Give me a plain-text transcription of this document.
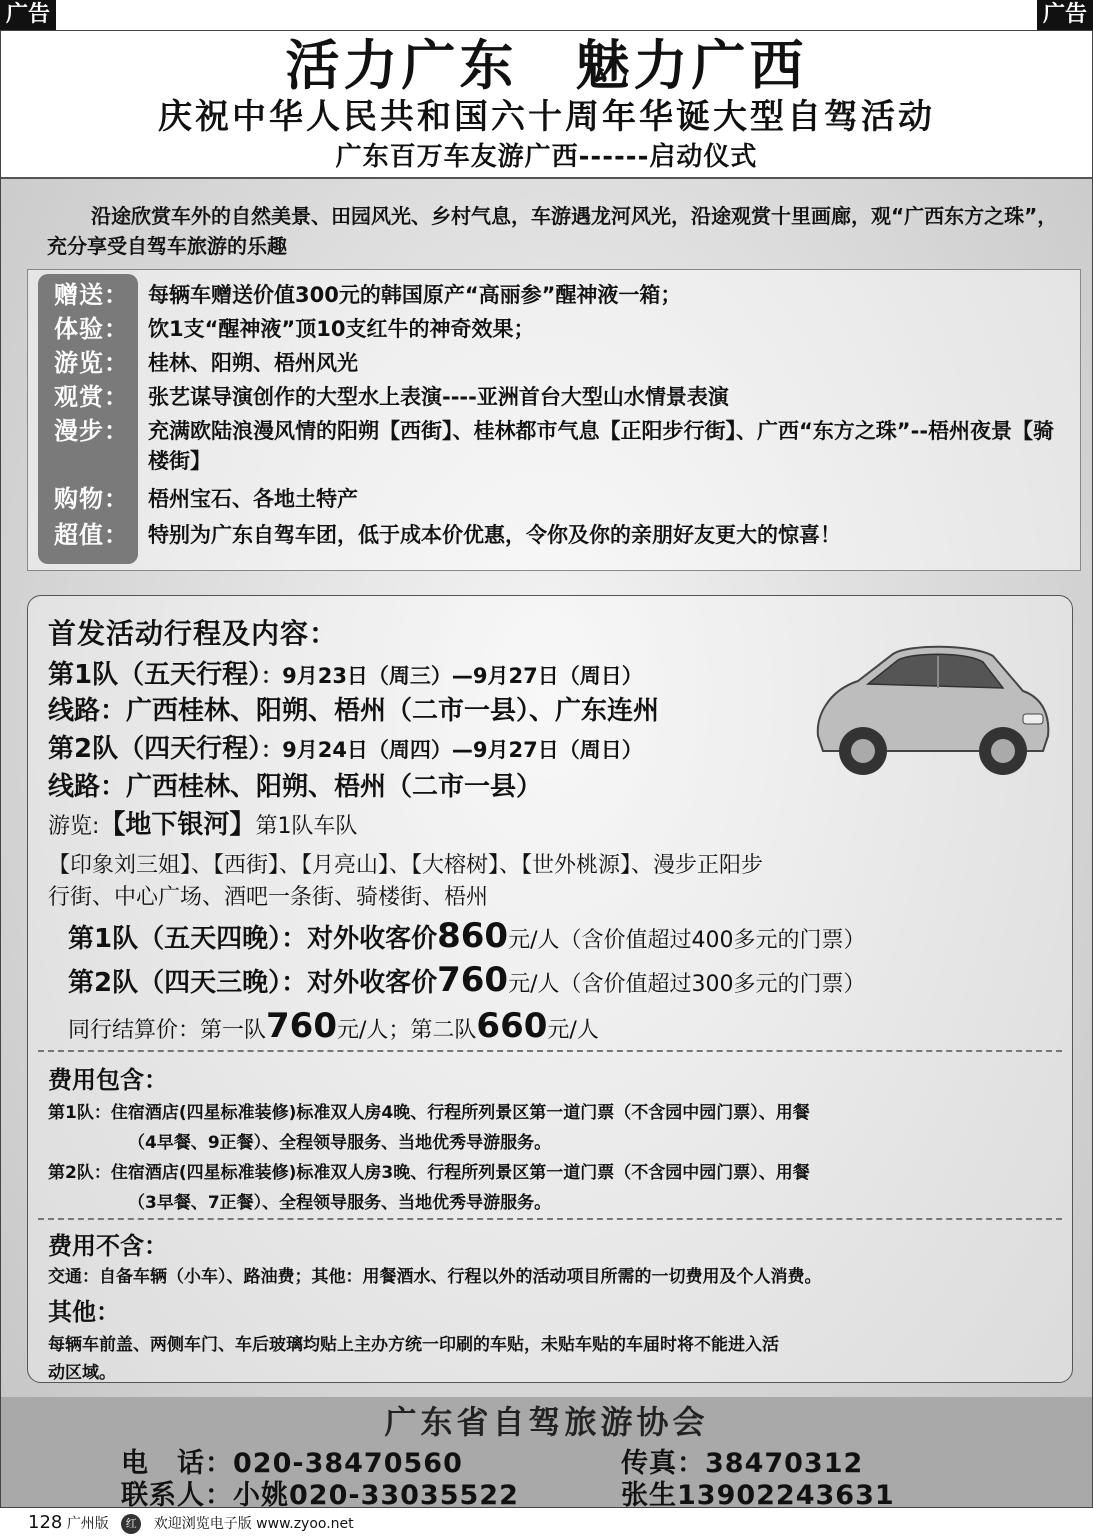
广告	广告
活力广东　魅力广西
庆祝中华人民共和国六十周年华诞大型自驾活动
广东百万车友游广西------启动仪式
沿途欣赏车外的自然美景、田园风光、乡村气息，车游遇龙河风光，沿途观赏十里画廊，观“广西东方之珠”，充分享受自驾车旅游的乐趣
赠送： 每辆车赠送价值300元的韩国原产“高丽参”醒神液一箱；
体验： 饮1支“醒神液”顶10支红牛的神奇效果；
游览： 桂林、阳朔、梧州风光
观赏： 张艺谋导演创作的大型水上表演----亚洲首台大型山水情景表演
漫步： 充满欧陆浪漫风情的阳朔【西街】、桂林都市气息【正阳步行街】、广西“东方之珠”--梧州夜景【骑楼街】
购物： 梧州宝石、各地土特产
超值： 特别为广东自驾车团，低于成本价优惠，令你及你的亲朋好友更大的惊喜！
首发活动行程及内容：
第1队（五天行程）：9月23日（周三）—9月27日（周日）
线路：广西桂林、阳朔、梧州（二市一县）、广东连州
第2队（四天行程）：9月24日（周四）—9月27日（周日）
线路：广西桂林、阳朔、梧州（二市一县）
游览:【地下银河】第1队车队
【印象刘三姐】、【西街】、【月亮山】、【大榕树】、【世外桃源】、漫步正阳步
行街、中心广场、酒吧一条街、骑楼街、梧州
第1队（五天四晚）：对外收客价860元/人（含价值超过400多元的门票）
第2队（四天三晚）：对外收客价760元/人（含价值超过300多元的门票）
同行结算价：第一队760元/人；第二队660元/人
费用包含：
第1队：住宿酒店(四星标准装修)标准双人房4晚、行程所列景区第一道门票（不含园中园门票）、用餐
（4早餐、9正餐）、全程领导服务、当地优秀导游服务。
第2队：住宿酒店(四星标准装修)标准双人房3晚、行程所列景区第一道门票（不含园中园门票）、用餐
（3早餐、7正餐）、全程领导服务、当地优秀导游服务。
费用不含：
交通：自备车辆（小车）、路油费；其他：用餐酒水、行程以外的活动项目所需的一切费用及个人消费。
其他：
每辆车前盖、两侧车门、车后玻璃均贴上主办方统一印刷的车贴，未贴车贴的车届时将不能进入活
动区域。
广东省自驾旅游协会
电　话：020-38470560	传真：38470312
联系人：小姚020-33035522	张生13902243631
128 广州版 红 欢迎浏览电子版 www.zyoo.net
